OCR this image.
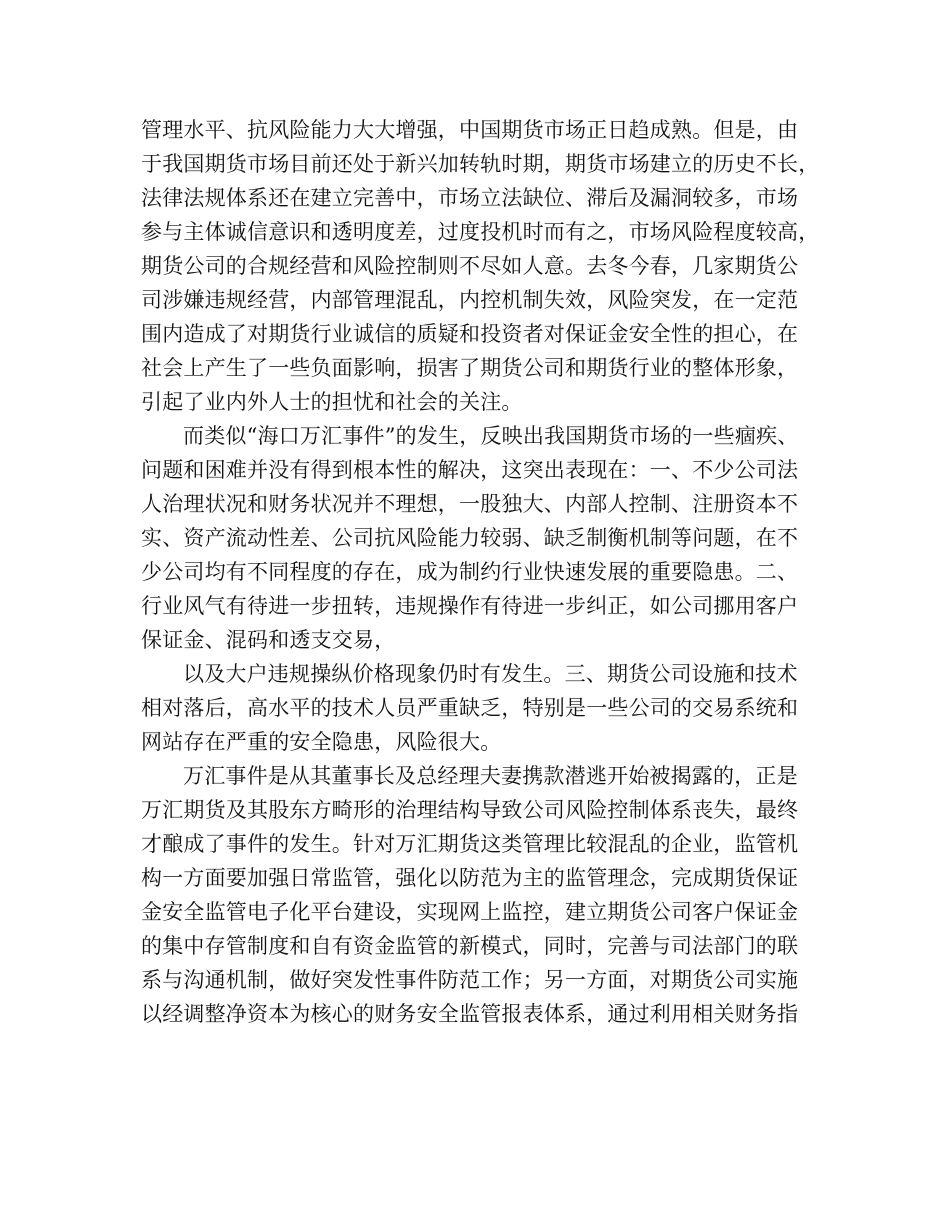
管理水平、抗风险能力大大增强，中国期货市场正日趋成熟。但是，由
于我国期货市场目前还处于新兴加转轨时期，期货市场建立的历史不长，
法律法规体系还在建立完善中，市场立法缺位、滞后及漏洞较多，市场
参与主体诚信意识和透明度差，过度投机时而有之，市场风险程度较高，
期货公司的合规经营和风险控制则不尽如人意。去冬今春，几家期货公
司涉嫌违规经营，内部管理混乱，内控机制失效，风险突发，在一定范
围内造成了对期货行业诚信的质疑和投资者对保证金安全性的担心，在
社会上产生了一些负面影响，损害了期货公司和期货行业的整体形象，
引起了业内外人士的担忧和社会的关注。
而类似“海口万汇事件”的发生，反映出我国期货市场的一些痼疾、
问题和困难并没有得到根本性的解决，这突出表现在：一、不少公司法
人治理状况和财务状况并不理想，一股独大、内部人控制、注册资本不
实、资产流动性差、公司抗风险能力较弱、缺乏制衡机制等问题，在不
少公司均有不同程度的存在，成为制约行业快速发展的重要隐患。二、
行业风气有待进一步扭转，违规操作有待进一步纠正，如公司挪用客户
保证金、混码和透支交易，
以及大户违规操纵价格现象仍时有发生。三、期货公司设施和技术
相对落后，高水平的技术人员严重缺乏，特别是一些公司的交易系统和
网站存在严重的安全隐患，风险很大。
万汇事件是从其董事长及总经理夫妻携款潜逃开始被揭露的，正是
万汇期货及其股东方畸形的治理结构导致公司风险控制体系丧失，最终
才酿成了事件的发生。针对万汇期货这类管理比较混乱的企业，监管机
构一方面要加强日常监管，强化以防范为主的监管理念，完成期货保证
金安全监管电子化平台建设，实现网上监控，建立期货公司客户保证金
的集中存管制度和自有资金监管的新模式，同时，完善与司法部门的联
系与沟通机制，做好突发性事件防范工作；另一方面，对期货公司实施
以经调整净资本为核心的财务安全监管报表体系，通过利用相关财务指
